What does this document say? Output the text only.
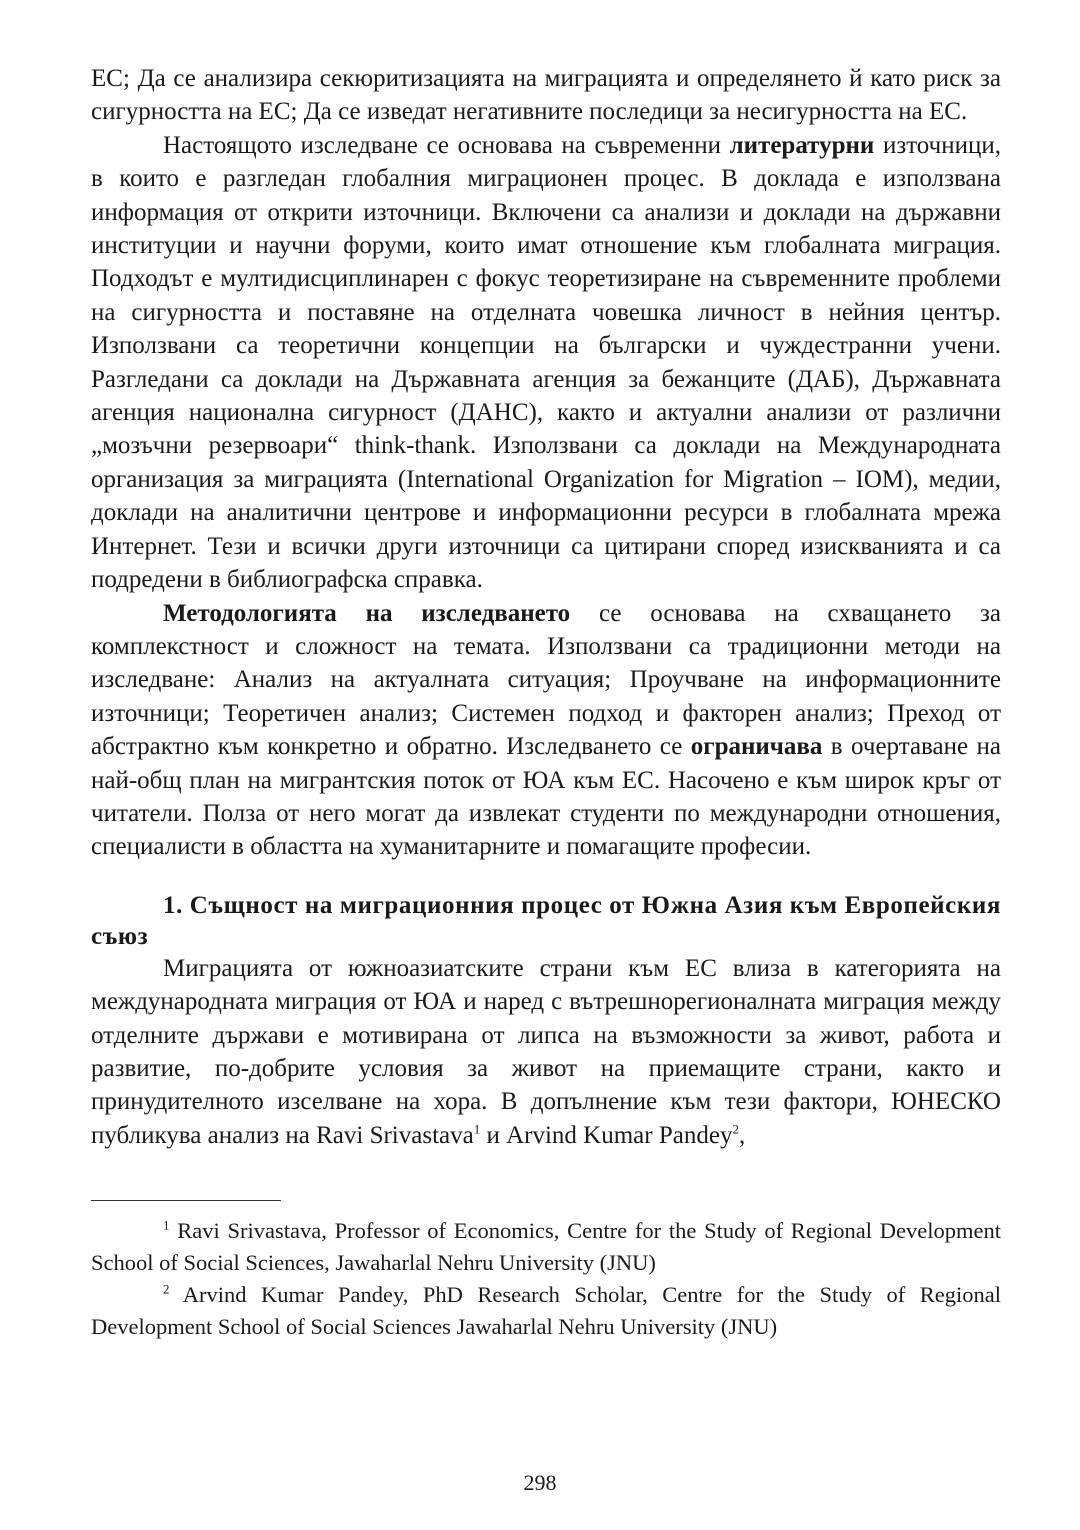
ЕС; Да се анализира секюритизацията на миграцията и определянето й като риск за сигурността на ЕС; Да се изведат негативните последици за несигурността на ЕС.

Настоящото изследване се основава на съвременни литературни източници, в които е разгледан глобалния миграционен процес. В доклада е използвана информация от открити източници. Включени са анализи и доклади на държавни институции и научни форуми, които имат отношение към глобалната миграция. Подходът е мултидисциплинарен с фокус теоретизиране на съвременните проблеми на сигурността и поставяне на отделната човешка личност в нейния център. Използвани са теоретични концепции на български и чуждестранни учени. Разгледани са доклади на Държавната агенция за бежанците (ДАБ), Държавната агенция национална сигурност (ДАНС), както и актуални анализи от различни „мозъчни резервоари“ think-thank. Използвани са доклади на Международната организация за миграцията (International Organization for Migration – IOM), медии, доклади на аналитични центрове и информационни ресурси в глобалната мрежа Интернет. Тези и всички други източници са цитирани според изискванията и са подредени в библиографска справка.

Методологията на изследването се основава на схващането за комплекстност и сложност на темата. Използвани са традиционни методи на изследване: Анализ на актуалната ситуация; Проучване на информационните източници; Теоретичен анализ; Системен подход и факторен анализ; Преход от абстрактно към конкретно и обратно. Изследването се ограничава в очертаване на най-общ план на мигрантския поток от ЮА към ЕС. Насочено е към широк кръг от читатели. Полза от него могат да извлекат студенти по международни отношения, специалисти в областта на хуманитарните и помагащите професии.

1. Същност на миграционния процес от Южна Азия към Европейския съюз

Миграцията от южноазиатските страни към ЕС влиза в категорията на международната миграция от ЮА и наред с вътрешнорегионалната миграция между отделните държави е мотивирана от липса на възможности за живот, работа и развитие, по-добрите условия за живот на приемащите страни, както и принудителното изселване на хора. В допълнение към тези фактори, ЮНЕСКО публикува анализ на Ravi Srivastava$^1$ и Arvind Kumar Pandey$^2$,

$^1$ Ravi Srivastava, Professor of Economics, Centre for the Study of Regional Development School of Social Sciences, Jawaharlal Nehru University (JNU)

$^2$ Arvind Kumar Pandey, PhD Research Scholar, Centre for the Study of Regional Development School of Social Sciences Jawaharlal Nehru University (JNU)

298
